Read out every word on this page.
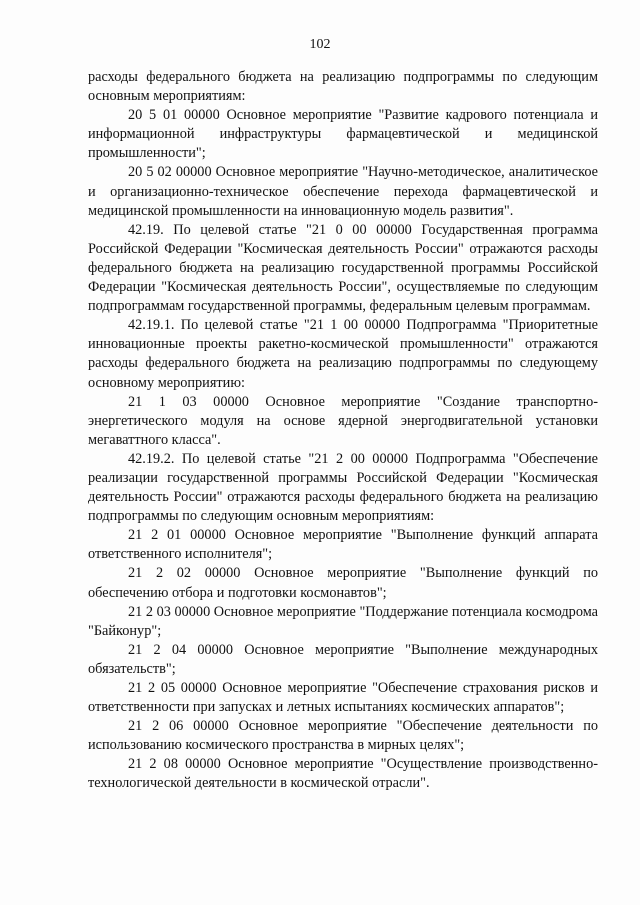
102

расходы федерального бюджета на реализацию подпрограммы по следующим основным мероприятиям:

20 5 01 00000 Основное мероприятие "Развитие кадрового потенциала и информационной инфраструктуры фармацевтической и медицинской промышленности";

20 5 02 00000 Основное мероприятие "Научно-методическое, аналитическое и организационно-техническое обеспечение перехода фармацевтической и медицинской промышленности на инновационную модель развития".

42.19. По целевой статье "21 0 00 00000 Государственная программа Российской Федерации "Космическая деятельность России" отражаются расходы федерального бюджета на реализацию государственной программы Российской Федерации "Космическая деятельность России", осуществляемые по следующим подпрограммам государственной программы, федеральным целевым программам.

42.19.1. По целевой статье "21 1 00 00000 Подпрограмма "Приоритетные инновационные проекты ракетно-космической промышленности" отражаются расходы федерального бюджета на реализацию подпрограммы по следующему основному мероприятию:

21 1 03 00000 Основное мероприятие "Создание транспортно-энергетического модуля на основе ядерной энергодвигательной установки мегаваттного класса".

42.19.2. По целевой статье "21 2 00 00000 Подпрограмма "Обеспечение реализации государственной программы Российской Федерации "Космическая деятельность России" отражаются расходы федерального бюджета на реализацию подпрограммы по следующим основным мероприятиям:

21 2 01 00000 Основное мероприятие "Выполнение функций аппарата ответственного исполнителя";

21 2 02 00000 Основное мероприятие "Выполнение функций по обеспечению отбора и подготовки космонавтов";

21 2 03 00000 Основное мероприятие "Поддержание потенциала космодрома "Байконур";

21 2 04 00000 Основное мероприятие "Выполнение международных обязательств";

21 2 05 00000 Основное мероприятие "Обеспечение страхования рисков и ответственности при запусках и летных испытаниях космических аппаратов";

21 2 06 00000 Основное мероприятие "Обеспечение деятельности по использованию космического пространства в мирных целях";

21 2 08 00000 Основное мероприятие "Осуществление производственно-технологической деятельности в космической отрасли".
